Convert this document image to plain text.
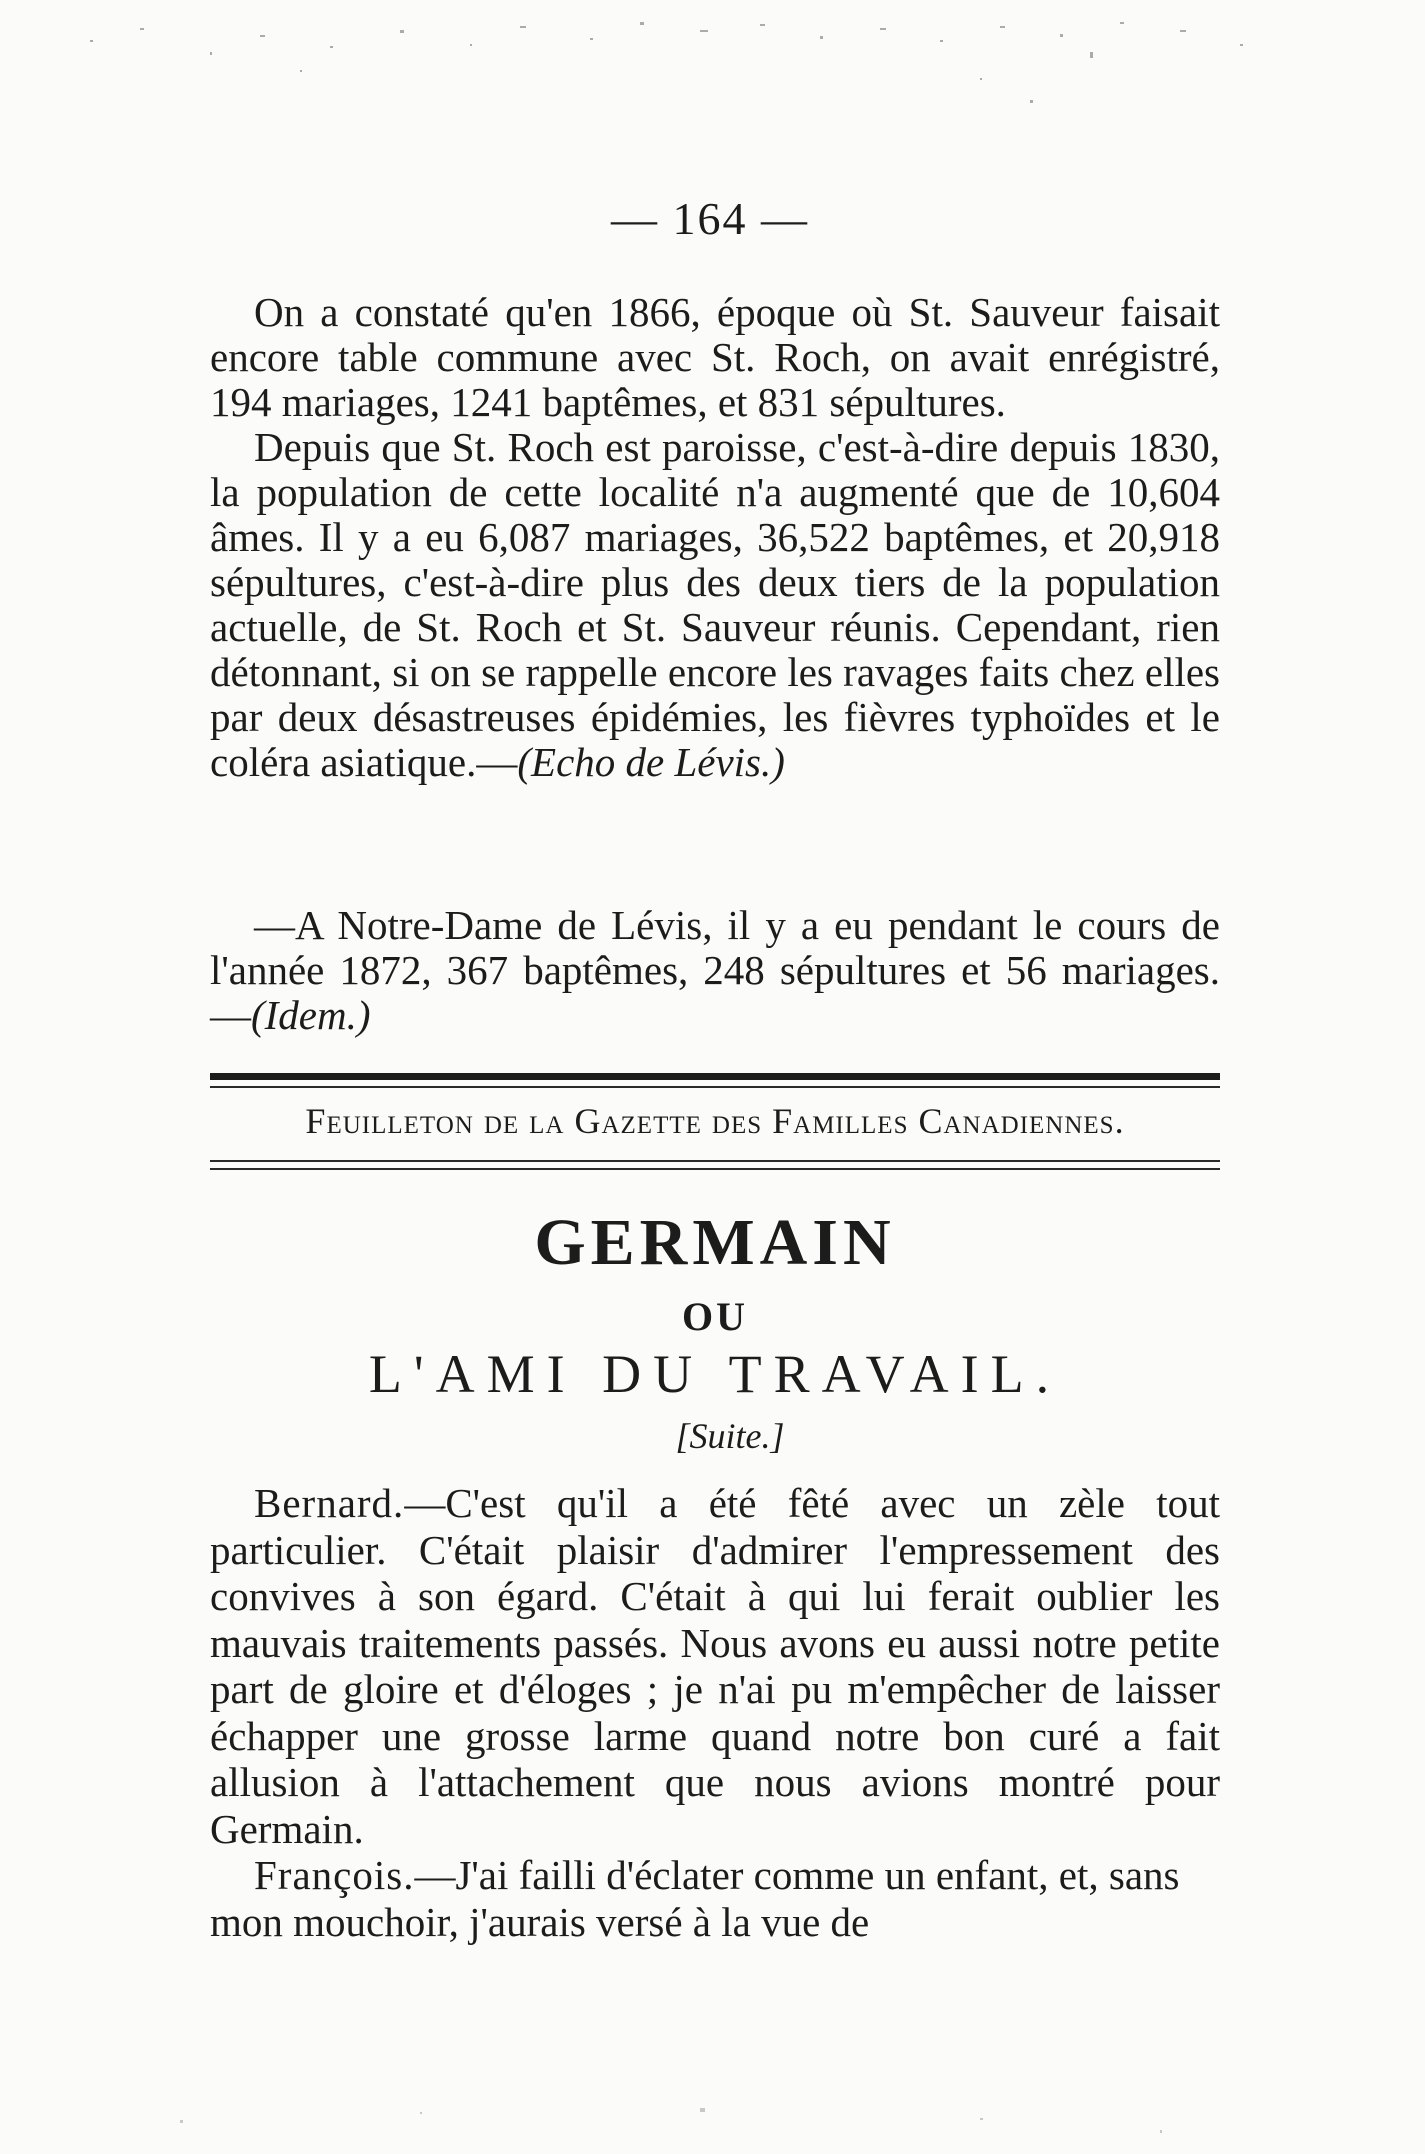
— 164 —

On a constaté qu'en 1866, époque où St. Sauveur faisait encore table commune avec St. Roch, on avait enrégistré, 194 mariages, 1241 baptêmes, et 831 sépultures.

Depuis que St. Roch est paroisse, c'est-à-dire depuis 1830, la population de cette localité n'a augmenté que de 10,604 âmes. Il y a eu 6,087 mariages, 36,522 baptêmes, et 20,918 sépultures, c'est-à-dire plus des deux tiers de la population actuelle, de St. Roch et St. Sauveur réunis. Cependant, rien détonnant, si on se rappelle encore les ravages faits chez elles par deux désastreuses épidémies, les fièvres typhoïdes et le coléra asiatique.—(Echo de Lévis.)

—A Notre-Dame de Lévis, il y a eu pendant le cours de l'année 1872, 367 baptêmes, 248 sépultures et 56 mariages.—(Idem.)

Feuilleton de la Gazette des Familles Canadiennes.
GERMAIN
OU
L'AMI DU TRAVAIL.
[Suite.]

Bernard.—C'est qu'il a été fêté avec un zèle tout particulier. C'était plaisir d'admirer l'empressement des convives à son égard. C'était à qui lui ferait oublier les mauvais traitements passés. Nous avons eu aussi notre petite part de gloire et d'éloges ; je n'ai pu m'empêcher de laisser échapper une grosse larme quand notre bon curé a fait allusion à l'attachement que nous avions montré pour Germain.

François.—J'ai failli d'éclater comme un enfant, et, sans mon mouchoir, j'aurais versé à la vue de
